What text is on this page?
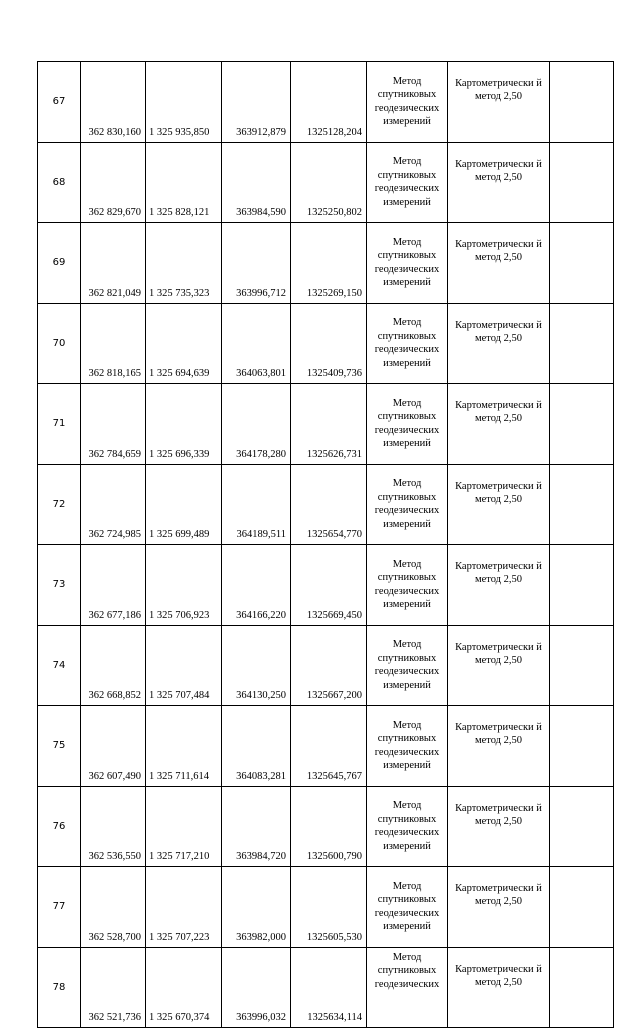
67	362 830,160	1 325 935,850	363912,879	1325128,204	Метод спутниковых геодезических измерений	Картометрически й метод 2,50	
68	362 829,670	1 325 828,121	363984,590	1325250,802	Метод спутниковых геодезических измерений	Картометрически й метод 2,50	
69	362 821,049	1 325 735,323	363996,712	1325269,150	Метод спутниковых геодезических измерений	Картометрически й метод 2,50	
70	362 818,165	1 325 694,639	364063,801	1325409,736	Метод спутниковых геодезических измерений	Картометрически й метод 2,50	
71	362 784,659	1 325 696,339	364178,280	1325626,731	Метод спутниковых геодезических измерений	Картометрически й метод 2,50	
72	362 724,985	1 325 699,489	364189,511	1325654,770	Метод спутниковых геодезических измерений	Картометрически й метод 2,50	
73	362 677,186	1 325 706,923	364166,220	1325669,450	Метод спутниковых геодезических измерений	Картометрически й метод 2,50	
74	362 668,852	1 325 707,484	364130,250	1325667,200	Метод спутниковых геодезических измерений	Картометрически й метод 2,50	
75	362 607,490	1 325 711,614	364083,281	1325645,767	Метод спутниковых геодезических измерений	Картометрически й метод 2,50	
76	362 536,550	1 325 717,210	363984,720	1325600,790	Метод спутниковых геодезических измерений	Картометрически й метод 2,50	
77	362 528,700	1 325 707,223	363982,000	1325605,530	Метод спутниковых геодезических измерений	Картометрически й метод 2,50	
78	362 521,736	1 325 670,374	363996,032	1325634,114	Метод спутниковых геодезических	Картометрически й метод 2,50	
